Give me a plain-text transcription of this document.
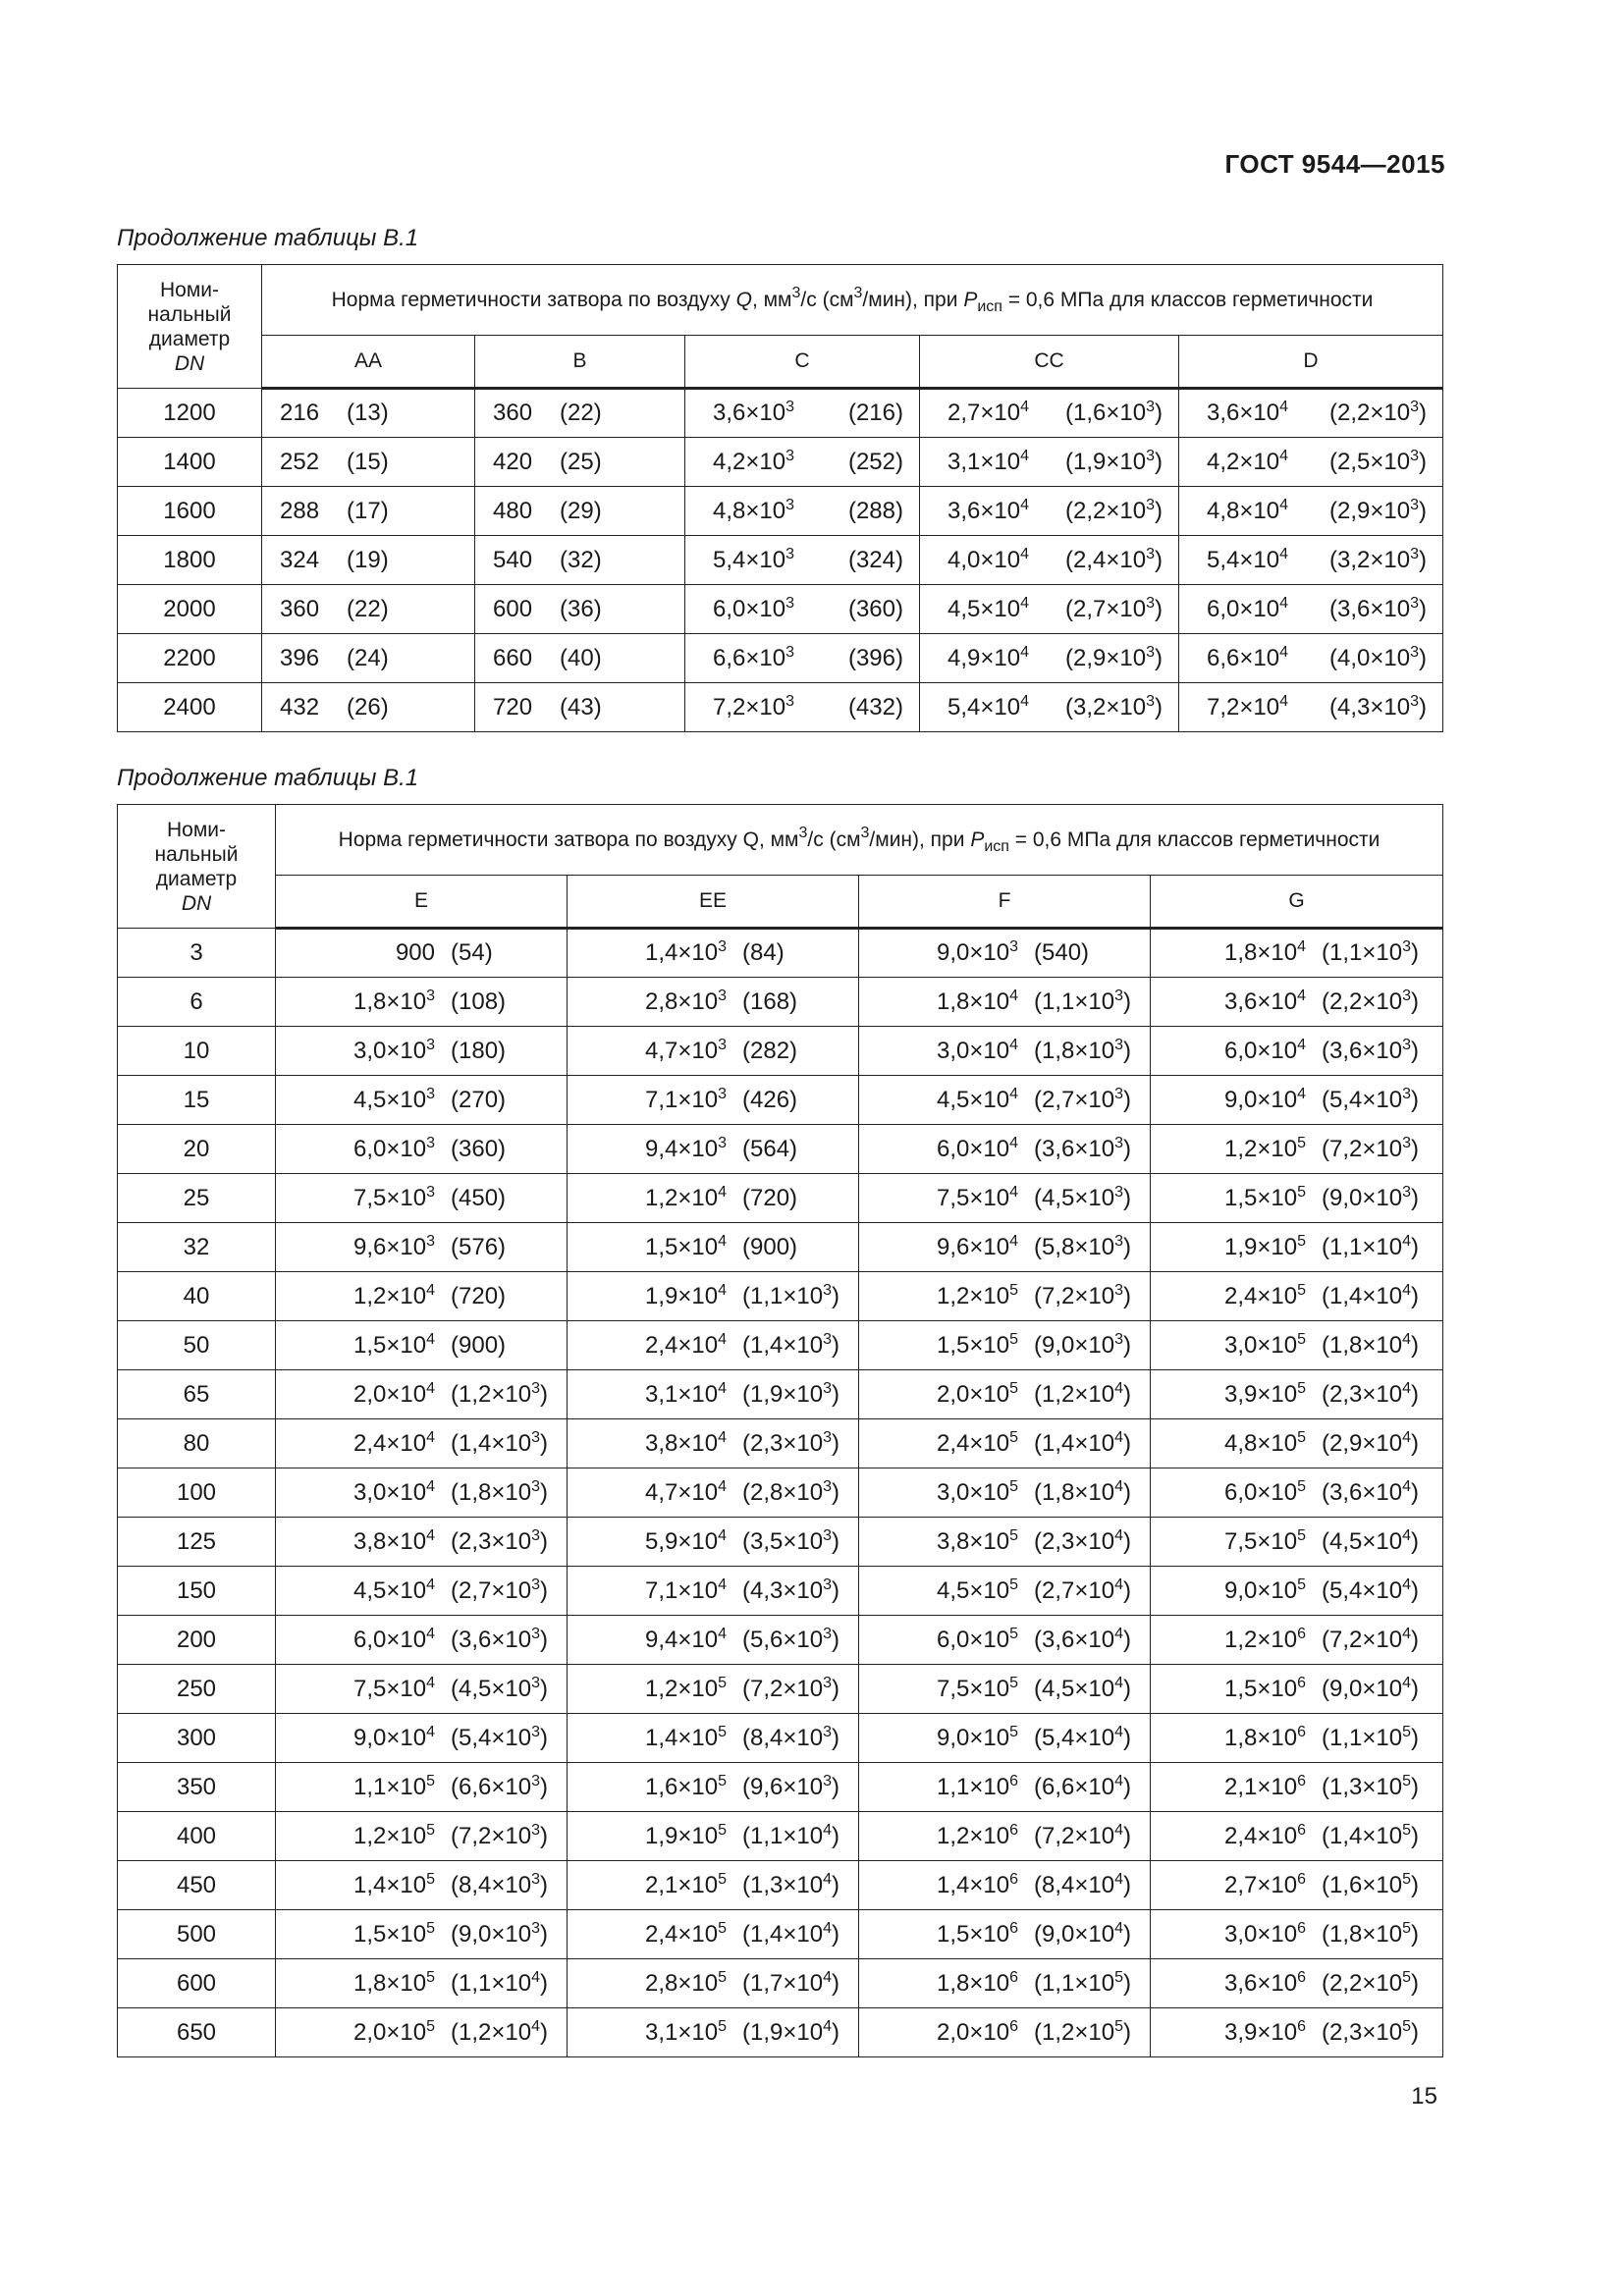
ГОСТ 9544—2015
Продолжение таблицы В.1
Номи-
нальный
диаметр
DN	Норма герметичности затвора по воздуху Q, $мм^3/с$ $(см^3/мин)$, при $P_{исп} = 0,6$ МПа для классов герметичности				
	AA	B	C	CC	D
1200	216 (13)	360 (22)	$3,6\times 10^3$ (216)	$2,7\times 10^4$ $(1,6\times 10^3)$	$3,6\times 10^4$ $(2,2\times 10^3)$

1400	252 (15)	420 (25)	$4,2\times 10^3$ (252)	$3,1\times 10^4$ $(1,9\times 10^3)$	$4,2\times 10^4$ $(2,5\times 10^3)$

1600	288 (17)	480 (29)	$4,8\times 10^3$ (288)	$3,6\times 10^4$ $(2,2\times 10^3)$	$4,8\times 10^4$ $(2,9\times 10^3)$

1800	324 (19)	540 (32)	$5,4\times 10^3$ (324)	$4,0\times 10^4$ $(2,4\times 10^3)$	$5,4\times 10^4$ $(3,2\times 10^3)$

2000	360 (22)	600 (36)	$6,0\times 10^3$ (360)	$4,5\times 10^4$ $(2,7\times 10^3)$	$6,0\times 10^4$ $(3,6\times 10^3)$

2200	396 (24)	660 (40)	$6,6\times 10^3$ (396)	$4,9\times 10^4$ $(2,9\times 10^3)$	$6,6\times 10^4$ $(4,0\times 10^3)$

2400	432 (26)	720 (43)	$7,2\times 10^3$ (432)	$5,4\times 10^4$ $(3,2\times 10^3)$	$7,2\times 10^4$ $(4,3\times 10^3)$
Продолжение таблицы В.1
Номи-
нальный
диаметр
DN	Норма герметичности затвора по воздуху Q, $мм^3/с$ $(см^3/мин)$, при $P_{исп} = 0,6$ МПа для классов герметичности			
	E	EE	F	G
3	900 (54)	$1,4\times 10^3$ (84)	$9,0\times 10^3$ (540)	$1,8\times 10^4$ $(1,1\times 10^3)$

6	$1,8\times 10^3$ (108)	$2,8\times 10^3$ (168)	$1,8\times 10^4$ $(1,1\times 10^3)$	$3,6\times 10^4$ $(2,2\times 10^3)$

10	$3,0\times 10^3$ (180)	$4,7\times 10^3$ (282)	$3,0\times 10^4$ $(1,8\times 10^3)$	$6,0\times 10^4$ $(3,6\times 10^3)$

15	$4,5\times 10^3$ (270)	$7,1\times 10^3$ (426)	$4,5\times 10^4$ $(2,7\times 10^3)$	$9,0\times 10^4$ $(5,4\times 10^3)$

20	$6,0\times 10^3$ (360)	$9,4\times 10^3$ (564)	$6,0\times 10^4$ $(3,6\times 10^3)$	$1,2\times 10^5$ $(7,2\times 10^3)$

25	$7,5\times 10^3$ (450)	$1,2\times 10^4$ (720)	$7,5\times 10^4$ $(4,5\times 10^3)$	$1,5\times 10^5$ $(9,0\times 10^3)$

32	$9,6\times 10^3$ (576)	$1,5\times 10^4$ (900)	$9,6\times 10^4$ $(5,8\times 10^3)$	$1,9\times 10^5$ $(1,1\times 10^4)$

40	$1,2\times 10^4$ (720)	$1,9\times 10^4$ $(1,1\times 10^3)$	$1,2\times 10^5$ $(7,2\times 10^3)$	$2,4\times 10^5$ $(1,4\times 10^4)$

50	$1,5\times 10^4$ (900)	$2,4\times 10^4$ $(1,4\times 10^3)$	$1,5\times 10^5$ $(9,0\times 10^3)$	$3,0\times 10^5$ $(1,8\times 10^4)$

65	$2,0\times 10^4$ $(1,2\times 10^3)$	$3,1\times 10^4$ $(1,9\times 10^3)$	$2,0\times 10^5$ $(1,2\times 10^4)$	$3,9\times 10^5$ $(2,3\times 10^4)$

80	$2,4\times 10^4$ $(1,4\times 10^3)$	$3,8\times 10^4$ $(2,3\times 10^3)$	$2,4\times 10^5$ $(1,4\times 10^4)$	$4,8\times 10^5$ $(2,9\times 10^4)$

100	$3,0\times 10^4$ $(1,8\times 10^3)$	$4,7\times 10^4$ $(2,8\times 10^3)$	$3,0\times 10^5$ $(1,8\times 10^4)$	$6,0\times 10^5$ $(3,6\times 10^4)$

125	$3,8\times 10^4$ $(2,3\times 10^3)$	$5,9\times 10^4$ $(3,5\times 10^3)$	$3,8\times 10^5$ $(2,3\times 10^4)$	$7,5\times 10^5$ $(4,5\times 10^4)$

150	$4,5\times 10^4$ $(2,7\times 10^3)$	$7,1\times 10^4$ $(4,3\times 10^3)$	$4,5\times 10^5$ $(2,7\times 10^4)$	$9,0\times 10^5$ $(5,4\times 10^4)$

200	$6,0\times 10^4$ $(3,6\times 10^3)$	$9,4\times 10^4$ $(5,6\times 10^3)$	$6,0\times 10^5$ $(3,6\times 10^4)$	$1,2\times 10^6$ $(7,2\times 10^4)$

250	$7,5\times 10^4$ $(4,5\times 10^3)$	$1,2\times 10^5$ $(7,2\times 10^3)$	$7,5\times 10^5$ $(4,5\times 10^4)$	$1,5\times 10^6$ $(9,0\times 10^4)$

300	$9,0\times 10^4$ $(5,4\times 10^3)$	$1,4\times 10^5$ $(8,4\times 10^3)$	$9,0\times 10^5$ $(5,4\times 10^4)$	$1,8\times 10^6$ $(1,1\times 10^5)$

350	$1,1\times 10^5$ $(6,6\times 10^3)$	$1,6\times 10^5$ $(9,6\times 10^3)$	$1,1\times 10^6$ $(6,6\times 10^4)$	$2,1\times 10^6$ $(1,3\times 10^5)$

400	$1,2\times 10^5$ $(7,2\times 10^3)$	$1,9\times 10^5$ $(1,1\times 10^4)$	$1,2\times 10^6$ $(7,2\times 10^4)$	$2,4\times 10^6$ $(1,4\times 10^5)$

450	$1,4\times 10^5$ $(8,4\times 10^3)$	$2,1\times 10^5$ $(1,3\times 10^4)$	$1,4\times 10^6$ $(8,4\times 10^4)$	$2,7\times 10^6$ $(1,6\times 10^5)$

500	$1,5\times 10^5$ $(9,0\times 10^3)$	$2,4\times 10^5$ $(1,4\times 10^4)$	$1,5\times 10^6$ $(9,0\times 10^4)$	$3,0\times 10^6$ $(1,8\times 10^5)$

600	$1,8\times 10^5$ $(1,1\times 10^4)$	$2,8\times 10^5$ $(1,7\times 10^4)$	$1,8\times 10^6$ $(1,1\times 10^5)$	$3,6\times 10^6$ $(2,2\times 10^5)$

650	$2,0\times 10^5$ $(1,2\times 10^4)$	$3,1\times 10^5$ $(1,9\times 10^4)$	$2,0\times 10^6$ $(1,2\times 10^5)$	$3,9\times 10^6$ $(2,3\times 10^5)$
15
